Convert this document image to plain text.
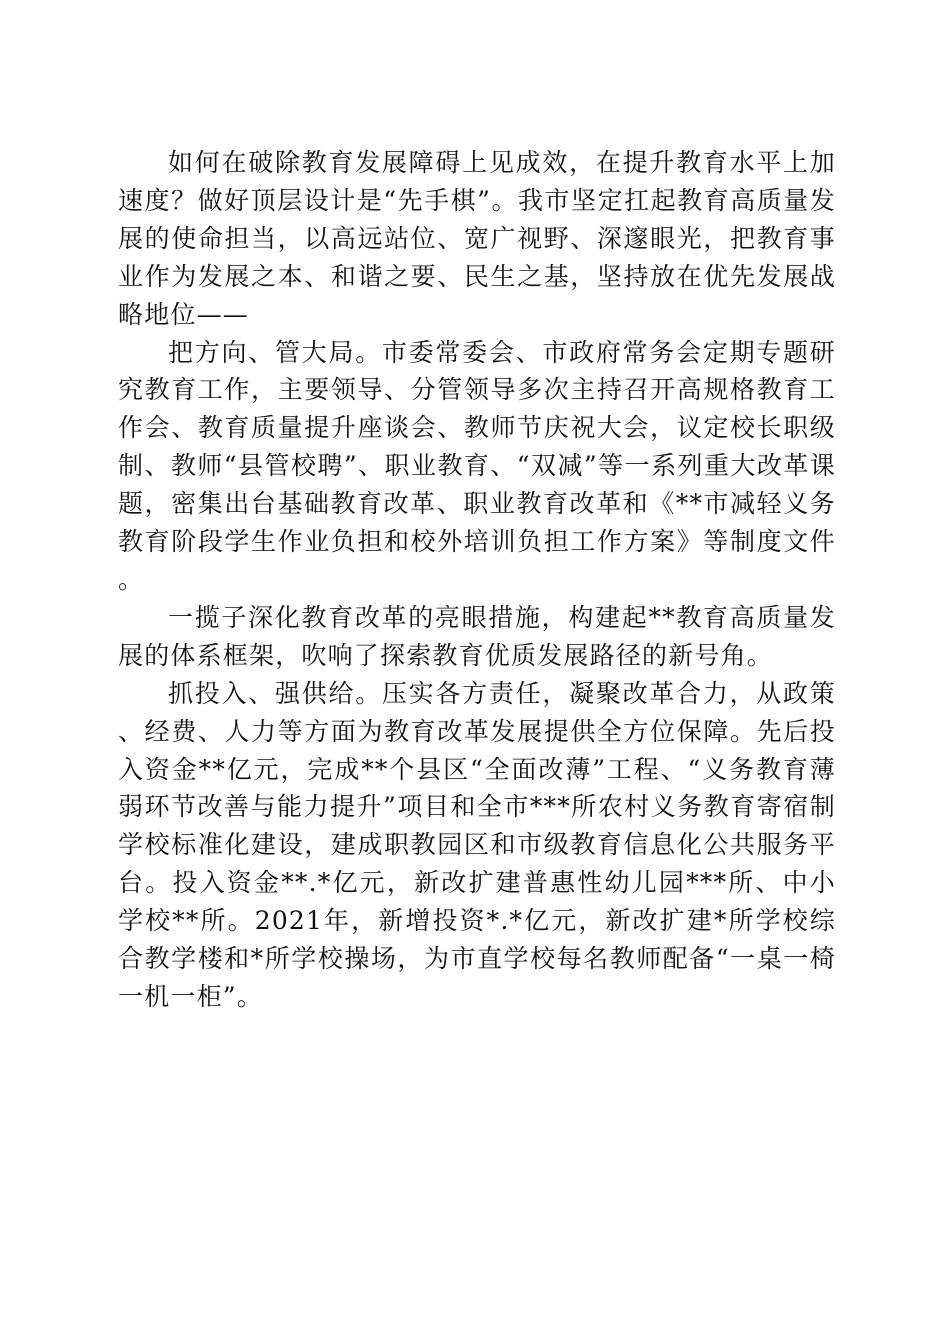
如何在破除教育发展障碍上见成效，在提升教育水平上加速度？做好顶层设计是“先手棋”。我市坚定扛起教育高质量发展的使命担当，以高远站位、宽广视野、深邃眼光，把教育事业作为发展之本、和谐之要、民生之基，坚持放在优先发展战略地位——

把方向、管大局。市委常委会、市政府常务会定期专题研究教育工作，主要领导、分管领导多次主持召开高规格教育工作会、教育质量提升座谈会、教师节庆祝大会，议定校长职级制、教师“县管校聘”、职业教育、“双减”等一系列重大改革课题，密集出台基础教育改革、职业教育改革和《**市减轻义务教育阶段学生作业负担和校外培训负担工作方案》等制度文件。

一揽子深化教育改革的亮眼措施，构建起**教育高质量发展的体系框架，吹响了探索教育优质发展路径的新号角。

抓投入、强供给。压实各方责任，凝聚改革合力，从政策、经费、人力等方面为教育改革发展提供全方位保障。先后投入资金**亿元，完成**个县区“全面改薄”工程、“义务教育薄弱环节改善与能力提升”项目和全市***所农村义务教育寄宿制学校标准化建设，建成职教园区和市级教育信息化公共服务平台。投入资金**.*亿元，新改扩建普惠性幼儿园***所、中小学校**所。2021年，新增投资*.*亿元，新改扩建*所学校综合教学楼和*所学校操场，为市直学校每名教师配备“一桌一椅一机一柜”。
